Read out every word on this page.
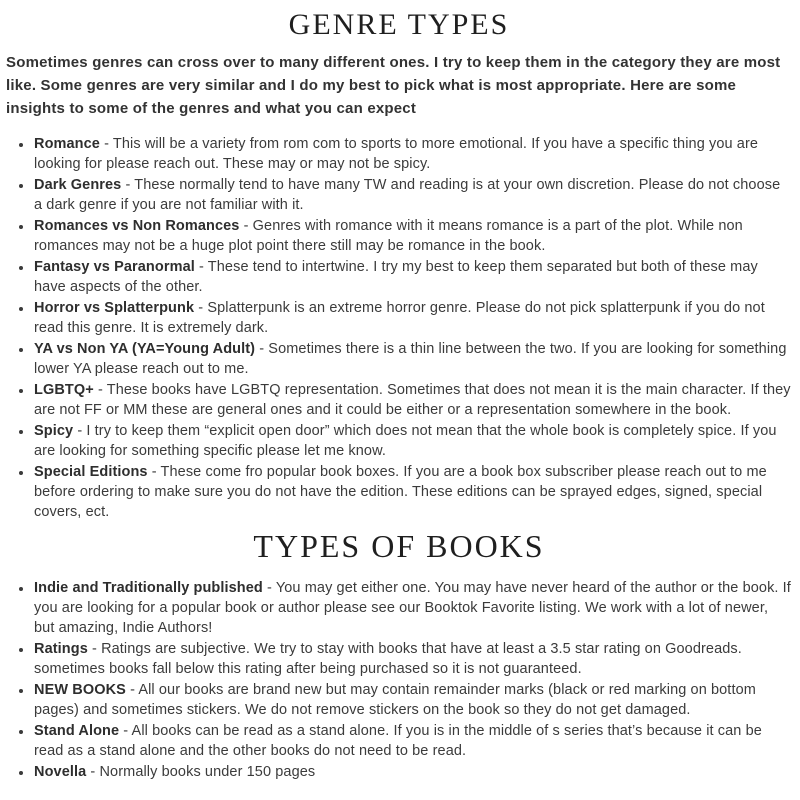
GENRE TYPES

Sometimes genres can cross over to many different ones. I try to keep them in the category they are most like. Some genres are very similar and I do my best to pick what is most appropriate. Here are some insights to some of the genres and what you can expect

• Romance - This will be a variety from rom com to sports to more emotional. If you have a specific thing you are looking for please reach out. These may or may not be spicy.
• Dark Genres - These normally tend to have many TW and reading is at your own discretion. Please do not choose a dark genre if you are not familiar with it.
• Romances vs Non Romances - Genres with romance with it means romance is a part of the plot. While non romances may not be a huge plot point there still may be romance in the book.
• Fantasy vs Paranormal - These tend to intertwine. I try my best to keep them separated but both of these may have aspects of the other.
• Horror vs Splatterpunk - Splatterpunk is an extreme horror genre. Please do not pick splatterpunk if you do not read this genre. It is extremely dark.
• YA vs Non YA (YA=Young Adult) - Sometimes there is a thin line between the two. If you are looking for something lower YA please reach out to me.
• LGBTQ+ - These books have LGBTQ representation. Sometimes that does not mean it is the main character. If they are not FF or MM these are general ones and it could be either or a representation somewhere in the book.
• Spicy - I try to keep them “explicit open door” which does not mean that the whole book is completely spice. If you are looking for something specific please let me know.
• Special Editions - These come fro popular book boxes. If you are a book box subscriber please reach out to me before ordering to make sure you do not have the edition. These editions can be sprayed edges, signed, special covers, ect.
TYPES OF BOOKS
• Indie and Traditionally published - You may get either one. You may have never heard of the author or the book. If you are looking for a popular book or author please see our Booktok Favorite listing. We work with a lot of newer, but amazing, Indie Authors!
• Ratings - Ratings are subjective. We try to stay with books that have at least a 3.5 star rating on Goodreads. sometimes books fall below this rating after being purchased so it is not guaranteed.
• NEW BOOKS - All our books are brand new but may contain remainder marks (black or red marking on bottom pages) and sometimes stickers. We do not remove stickers on the book so they do not get damaged.
• Stand Alone - All books can be read as a stand alone. If you is in the middle of s series that’s because it can be read as a stand alone and the other books do not need to be read.
• Novella - Normally books under 150 pages
